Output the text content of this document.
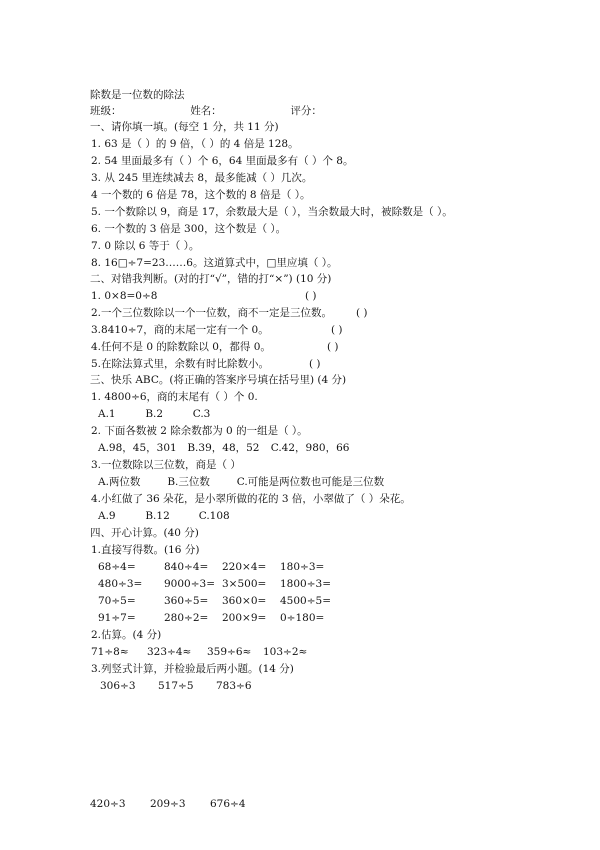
除数是一位数的除法
班级：	姓名：	评分：
一、请你填一填。(每空 1 分，共 11 分)
1. 63 是（ ）的 9 倍，（ ）的 4 倍是 128。
2. 54 里面最多有（ ）个 6，64 里面最多有（ ）个 8。
3. 从 245 里连续减去 8，最多能减（ ）几次。
4 一个数的 6 倍是 78，这个数的 8 倍是（ ）。
5. 一个数除以 9，商是 17，余数最大是（ ），当余数最大时，被除数是（ ）。
6. 一个数的 3 倍是 300，这个数是（ ）。
7. 0 除以 6 等于（ ）。
8. 16□÷7=23……6。这道算式中，□里应填（ ）。
二、对错我判断。(对的打“√”，错的打“×”) (10 分)
1. 0×8=0÷8	( )
2.一个三位数除以一个一位数，商不一定是三位数。 ( )
3.8410÷7，商的末尾一定有一个 0。	( )
4.任何不是 0 的除数除以 0，都得 0。	( )
5.在除法算式里，余数有时比除数小。	( )
三、快乐 ABC。(将正确的答案序号填在括号里) (4 分)
1. 4800÷6，商的末尾有（ ）个 0.
A.1	B.2	C.3
2. 下面各数被 2 除余数都为 0 的一组是（ ）。
A.98，45，301 B.39，48，52 C.42，980，66
3.一位数除以三位数，商是（ ）
A.两位数	B.三位数	C.可能是两位数也可能是三位数
4.小红做了 36 朵花，是小翠所做的花的 3 倍，小翠做了（ ）朵花。
A.9	B.12	C.108
四、开心计算。(40 分)
1.直接写得数。(16 分)
68÷4=	840÷4= 220×4= 180÷3=
480÷3= 9000÷3= 3×500= 1800÷3=
70÷5=	360÷5= 360×0= 4500÷5=
91÷7=	280÷2= 200×9= 0÷180=
2.估算。(4 分)
71÷8≈ 323÷4≈ 359÷6≈ 103÷2≈
3.列竖式计算，并检验最后两小题。(14 分)
306÷3 517÷5 783÷6
420÷3 209÷3 676÷4
